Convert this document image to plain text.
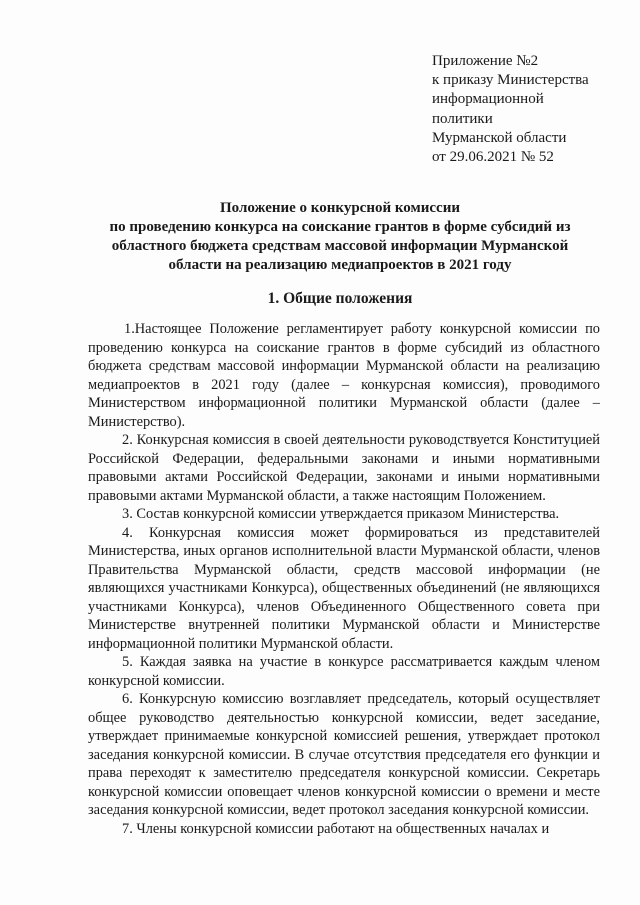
Приложение №2
к приказу Министерства
информационной
политики
Мурманской области
от 29.06.2021 № 52
Положение о конкурсной комиссии
по проведению конкурса на соискание грантов в форме субсидий из
областного бюджета средствам массовой информации Мурманской
области на реализацию медиапроектов в 2021 году
1. Общие положения

1.Настоящее Положение регламентирует работу конкурсной комиссии по проведению конкурса на соискание грантов в форме субсидий из областного бюджета средствам массовой информации Мурманской области на реализацию медиапроектов в 2021 году (далее – конкурсная комиссия), проводимого Министерством информационной политики Мурманской области (далее – Министерство).

2. Конкурсная комиссия в своей деятельности руководствуется Конституцией Российской Федерации, федеральными законами и иными нормативными правовыми актами Российской Федерации, законами и иными нормативными правовыми актами Мурманской области, а также настоящим Положением.

3. Состав конкурсной комиссии утверждается приказом Министерства.

4. Конкурсная комиссия может формироваться из представителей Министерства, иных органов исполнительной власти Мурманской области, членов Правительства Мурманской области, средств массовой информации (не являющихся участниками Конкурса), общественных объединений (не являющихся участниками Конкурса), членов Объединенного Общественного совета при Министерстве внутренней политики Мурманской области и Министерстве информационной политики Мурманской области.

5. Каждая заявка на участие в конкурсе рассматривается каждым членом конкурсной комиссии.

6. Конкурсную комиссию возглавляет председатель, который осуществляет общее руководство деятельностью конкурсной комиссии, ведет заседание, утверждает принимаемые конкурсной комиссией решения, утверждает протокол заседания конкурсной комиссии. В случае отсутствия председателя его функции и права переходят к заместителю председателя конкурсной комиссии. Секретарь конкурсной комиссии оповещает членов конкурсной комиссии о времени и месте заседания конкурсной комиссии, ведет протокол заседания конкурсной комиссии.

7. Члены конкурсной комиссии работают на общественных началах и
